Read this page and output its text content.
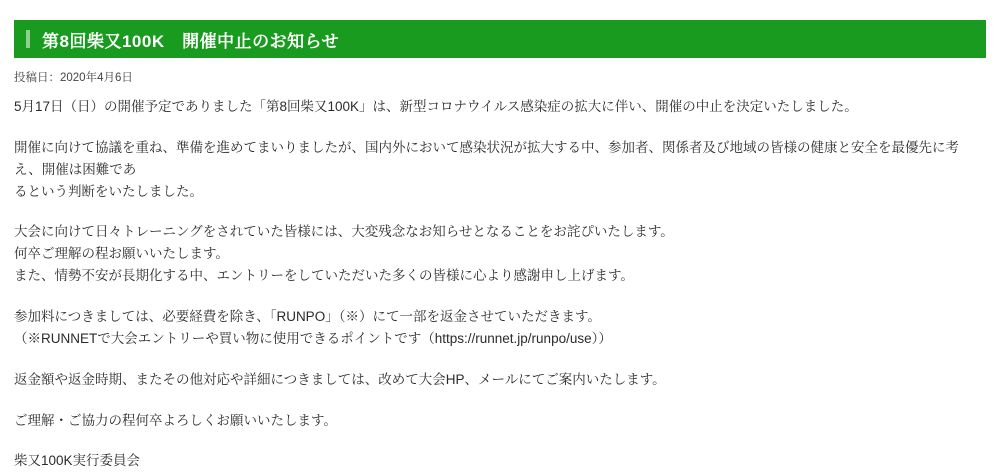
第8回柴又100K　開催中止のお知らせ
投稿日：2020年4月6日

5月17日（日）の開催予定でありました「第8回柴又100K」は、新型コロナウイルス感染症の拡大に伴い、開催の中止を決定いたしました。

開催に向けて協議を重ね、準備を進めてまいりましたが、国内外において感染状況が拡大する中、参加者、関係者及び地域の皆様の健康と安全を最優先に考え、開催は困難であ
るという判断をいたしました。

大会に向けて日々トレーニングをされていた皆様には、大変残念なお知らせとなることをお詫ぴいたします。
何卒ご理解の程お願いいたします。
また、情勢不安が長期化する中、エントリーをしていただいた多くの皆様に心より感謝申し上げます。

参加料につきましては、必要経費を除き、「RUNPO」（※）にて一部を返金させていただきます。
（※RUNNETで大会エントリーや買い物に使用できるポイントです（https://runnet.jp/runpo/use））

返金額や返金時期、またその他対応や詳細につきましては、改めて大会HP、メールにてご案内いたします。

ご理解・ご協力の程何卒よろしくお願いいたします。

柴又100K実行委員会
